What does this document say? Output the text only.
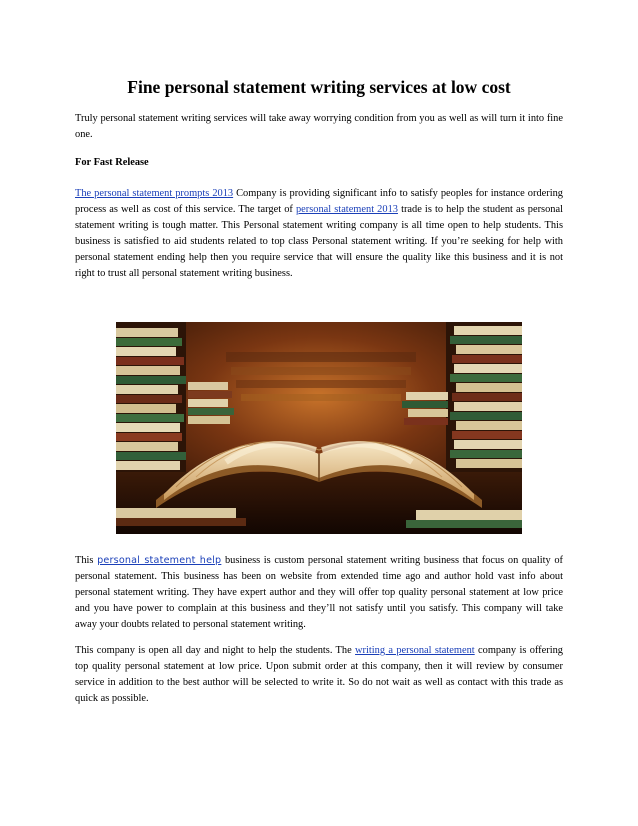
Fine personal statement writing services at low cost

Truly personal statement writing services will take away worrying condition from you as well as will turn it into fine one.

For Fast Release

The personal statement prompts 2013 Company is providing significant info to satisfy peoples for instance ordering process as well as cost of this service. The target of personal statement 2013 trade is to help the student as personal statement writing is tough matter. This Personal statement writing company is all time open to help students. This business is satisfied to aid students related to top class Personal statement writing. If you’re seeking for help with personal statement ending help then you require service that will ensure the quality like this business and it is not right to trust all personal statement writing business.

This personal statement help business is custom personal statement writing business that focus on quality of personal statement. This business has been on website from extended time ago and author hold vast info about personal statement writing. They have expert author and they will offer top quality personal statement at low price and you have power to complain at this business and they’ll not satisfy until you satisfy. This company will take away your doubts related to personal statement writing.

This company is open all day and night to help the students. The writing a personal statement company is offering top quality personal statement at low price. Upon submit order at this company, then it will review by consumer service in addition to the best author will be selected to write it. So do not wait as well as contact with this trade as quick as possible.
